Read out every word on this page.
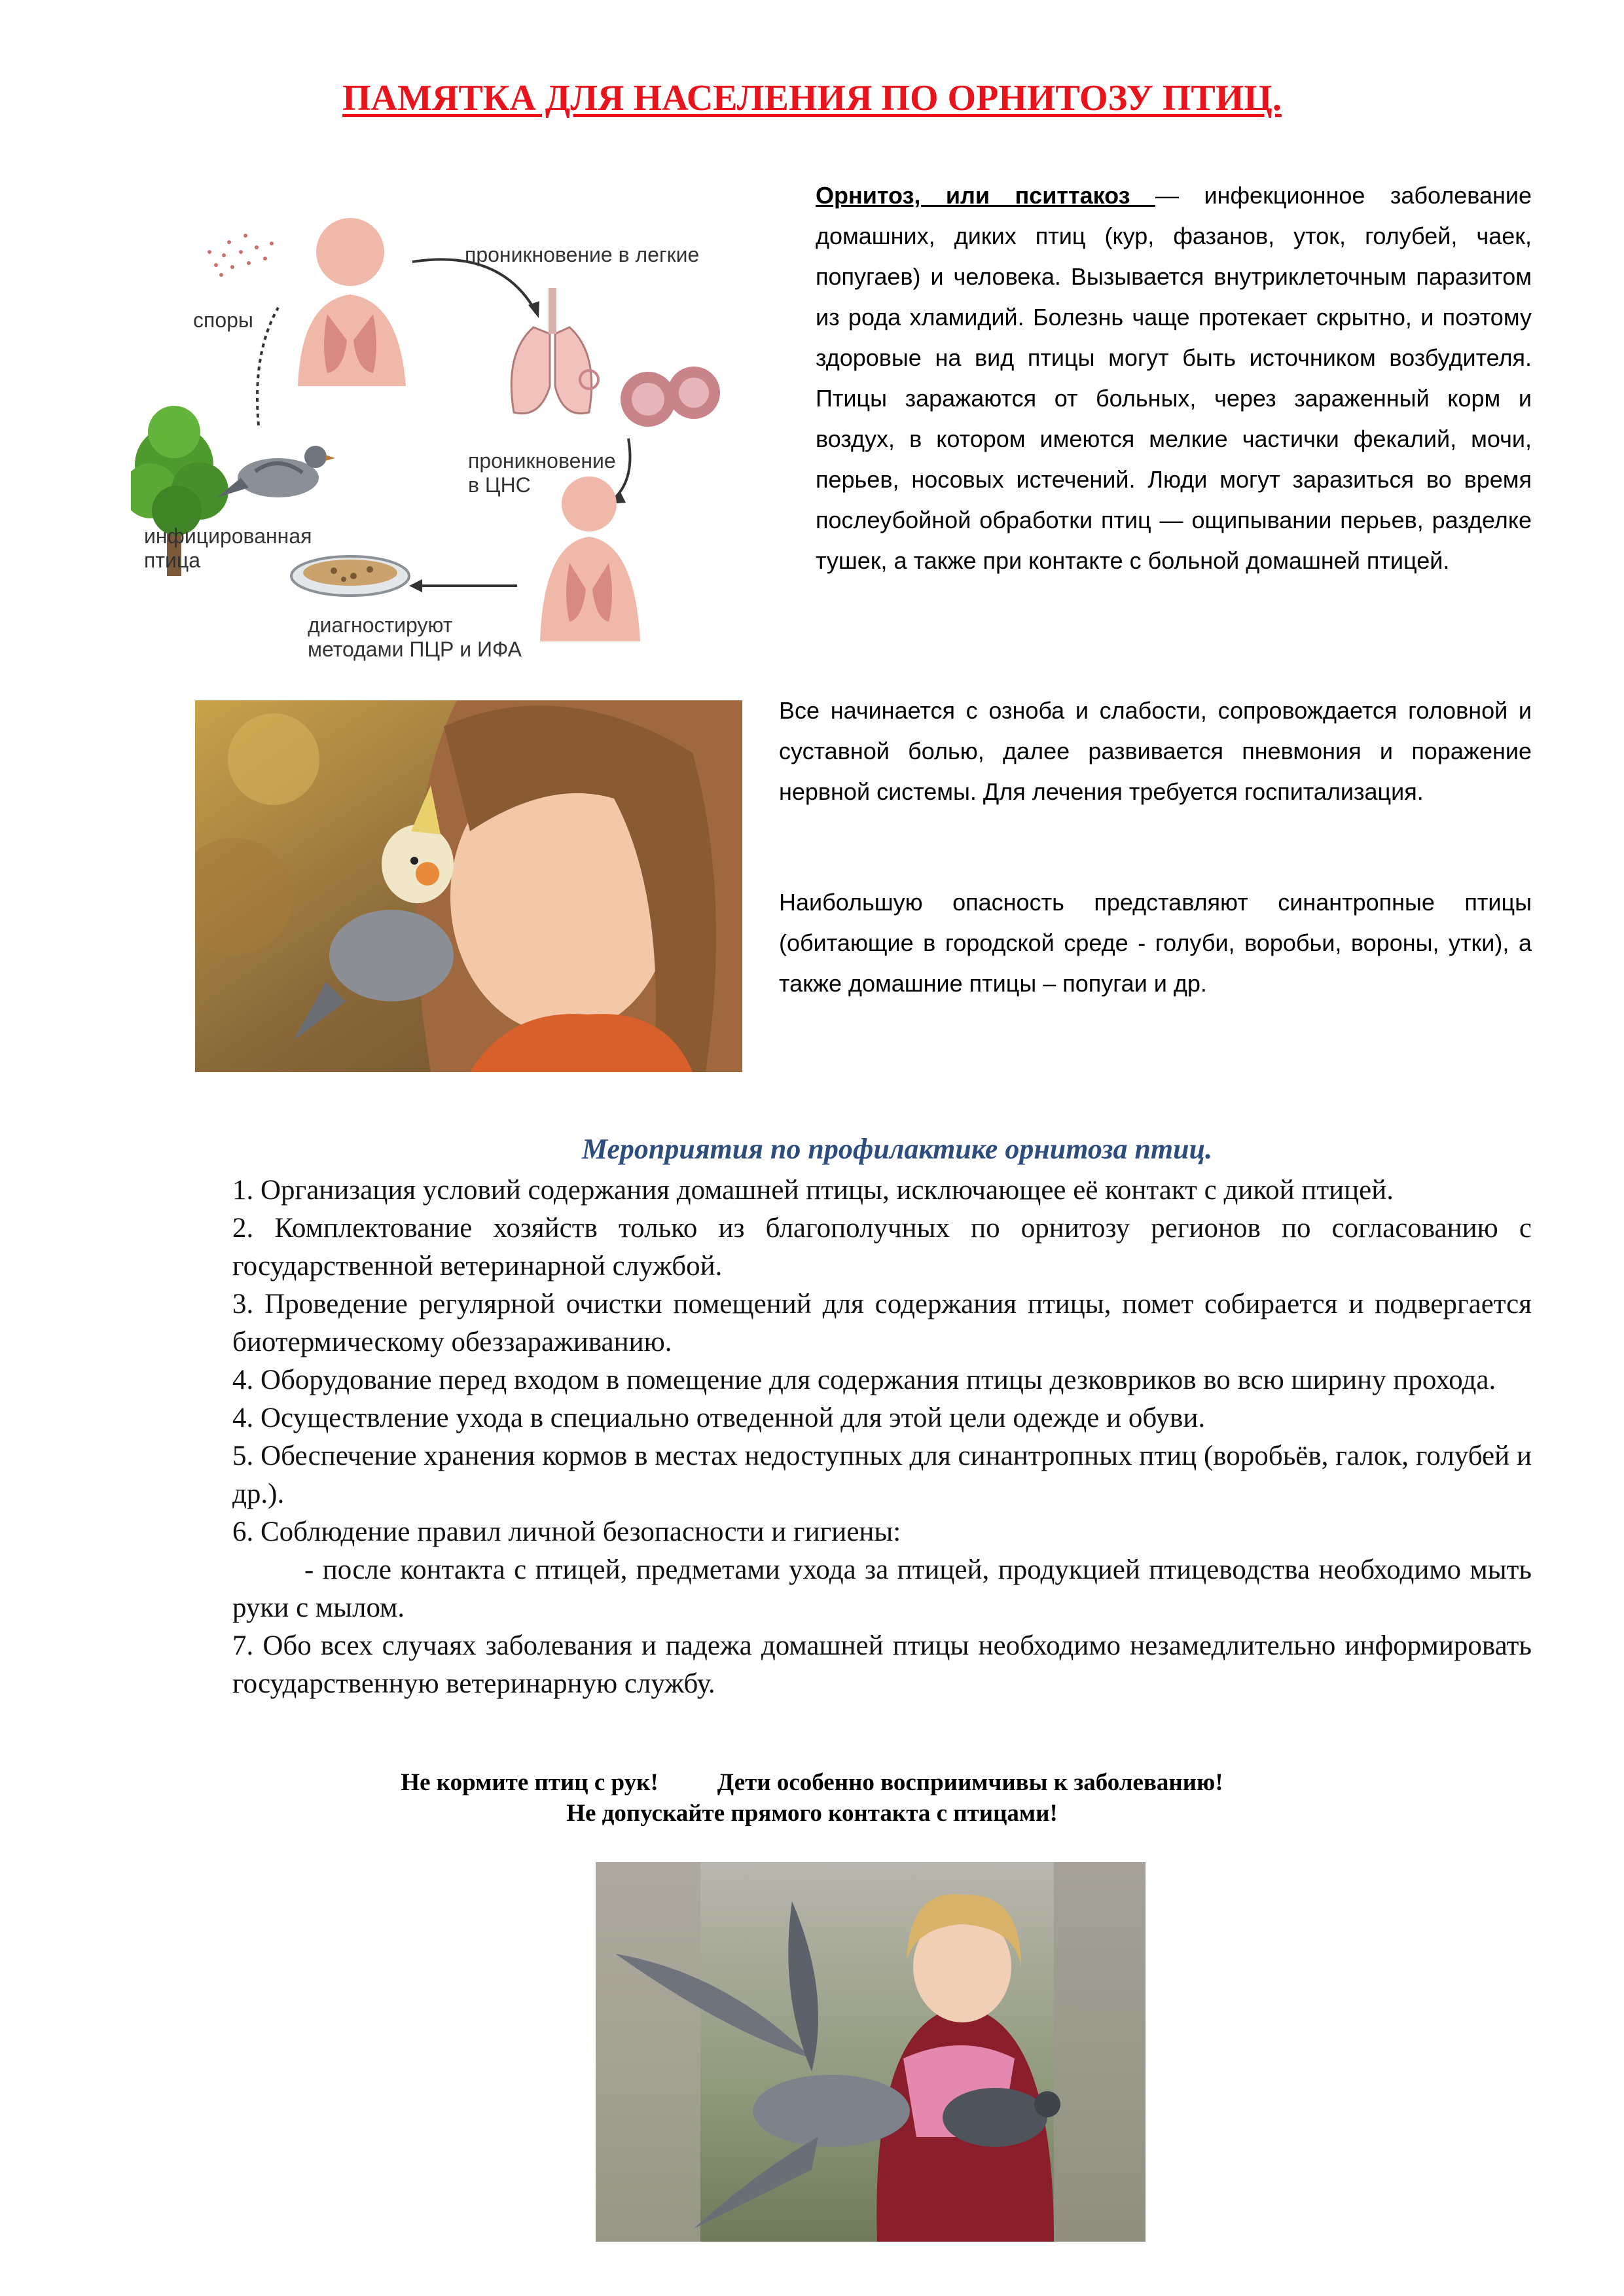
ПАМЯТКА ДЛЯ НАСЕЛЕНИЯ ПО ОРНИТОЗУ ПТИЦ.
споры
проникновение в легкие
проникновение
в ЦНС
инфицированная
птица
диагностируют
методами ПЦР и ИФА

Орнитоз, или пситтакоз — инфекционное заболевание домашних, диких птиц (кур, фазанов, уток, голубей, чаек, попугаев) и человека. Вызывается внутриклеточным паразитом из рода хламидий. Болезнь чаще протекает скрытно, и поэтому здоровые на вид птицы могут быть источником возбудителя. Птицы заражаются от больных, через зараженный корм и воздух, в котором имеются мелкие частички фекалий, мочи, перьев, носовых истечений. Люди могут заразиться во время послеубойной обработки птиц — ощипывании перьев, разделке тушек, а также при контакте с больной домашней птицей.

Все начинается с озноба и слабости, сопровождается головной и суставной болью, далее развивается пневмония и поражение нервной системы. Для лечения требуется госпитализация.

Наибольшую опасность представляют синантропные птицы (обитающие в городской среде - голуби, воробьи, вороны, утки), а также домашние птицы – попугаи и др.

Мероприятия по профилактике орнитоза птиц.

1. Организация условий содержания домашней птицы, исключающее её контакт с дикой птицей.

2. Комплектование хозяйств только из благополучных по орнитозу регионов по согласованию с государственной ветеринарной службой.

3. Проведение регулярной очистки помещений для содержания птицы, помет собирается и подвергается биотермическому обеззараживанию.

4. Оборудование перед входом в помещение для содержания птицы дезковриков во всю ширину прохода.

4. Осуществление ухода в специально отведенной для этой цели одежде и обуви.

5. Обеспечение хранения кормов в местах недоступных для синантропных птиц (воробьёв, галок, голубей и др.).

6. Соблюдение правил личной безопасности и гигиены:

- после контакта с птицей, предметами ухода за птицей, продукцией птицеводства необходимо мыть руки с мылом.

7. Обо всех случаях заболевания и падежа домашней птицы необходимо незамедлительно информировать государственную ветеринарную службу.

Не кормите птиц с рук! Дети особенно восприимчивы к заболеванию!
Не допускайте прямого контакта с птицами!
